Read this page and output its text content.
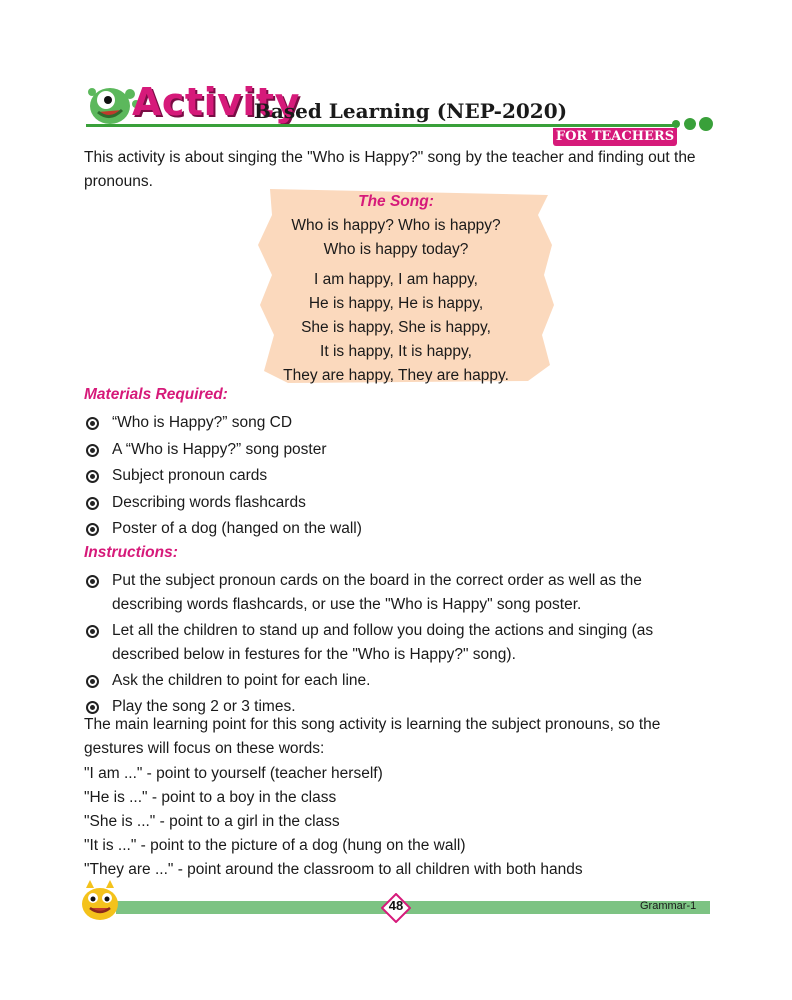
Activity
Based Learning (NEP-2020)
FOR TEACHERS
This activity is about singing the "Who is Happy?" song by the teacher and finding out the pronouns.
The Song:
Who is happy? Who is happy?
Who is happy today?
I am happy, I am happy,
He is happy, He is happy,
She is happy, She is happy,
It is happy, It is happy,
They are happy, They are happy.
Materials Required:
“Who is Happy?” song CD
A “Who is Happy?” song poster
Subject pronoun cards
Describing words flashcards
Poster of a dog (hanged on the wall)
Instructions:
Put the subject pronoun cards on the board in the correct order as well as the describing words flashcards, or use the "Who is Happy" song poster.
Let all the children to stand up and follow you doing the actions and singing (as described below in festures for the "Who is Happy?" song).
Ask the children to point for each line.
Play the song 2 or 3 times.
The main learning point for this song activity is learning the subject pronouns, so the gestures will focus on these words:
"I am ..." - point to yourself (teacher herself)
"He is ..." - point to a boy in the class
"She is ..." - point to a girl in the class
"It is ..." - point to the picture of a dog (hung on the wall)
"They are ..." - point around the classroom to all children with both hands
48	Grammar-1
